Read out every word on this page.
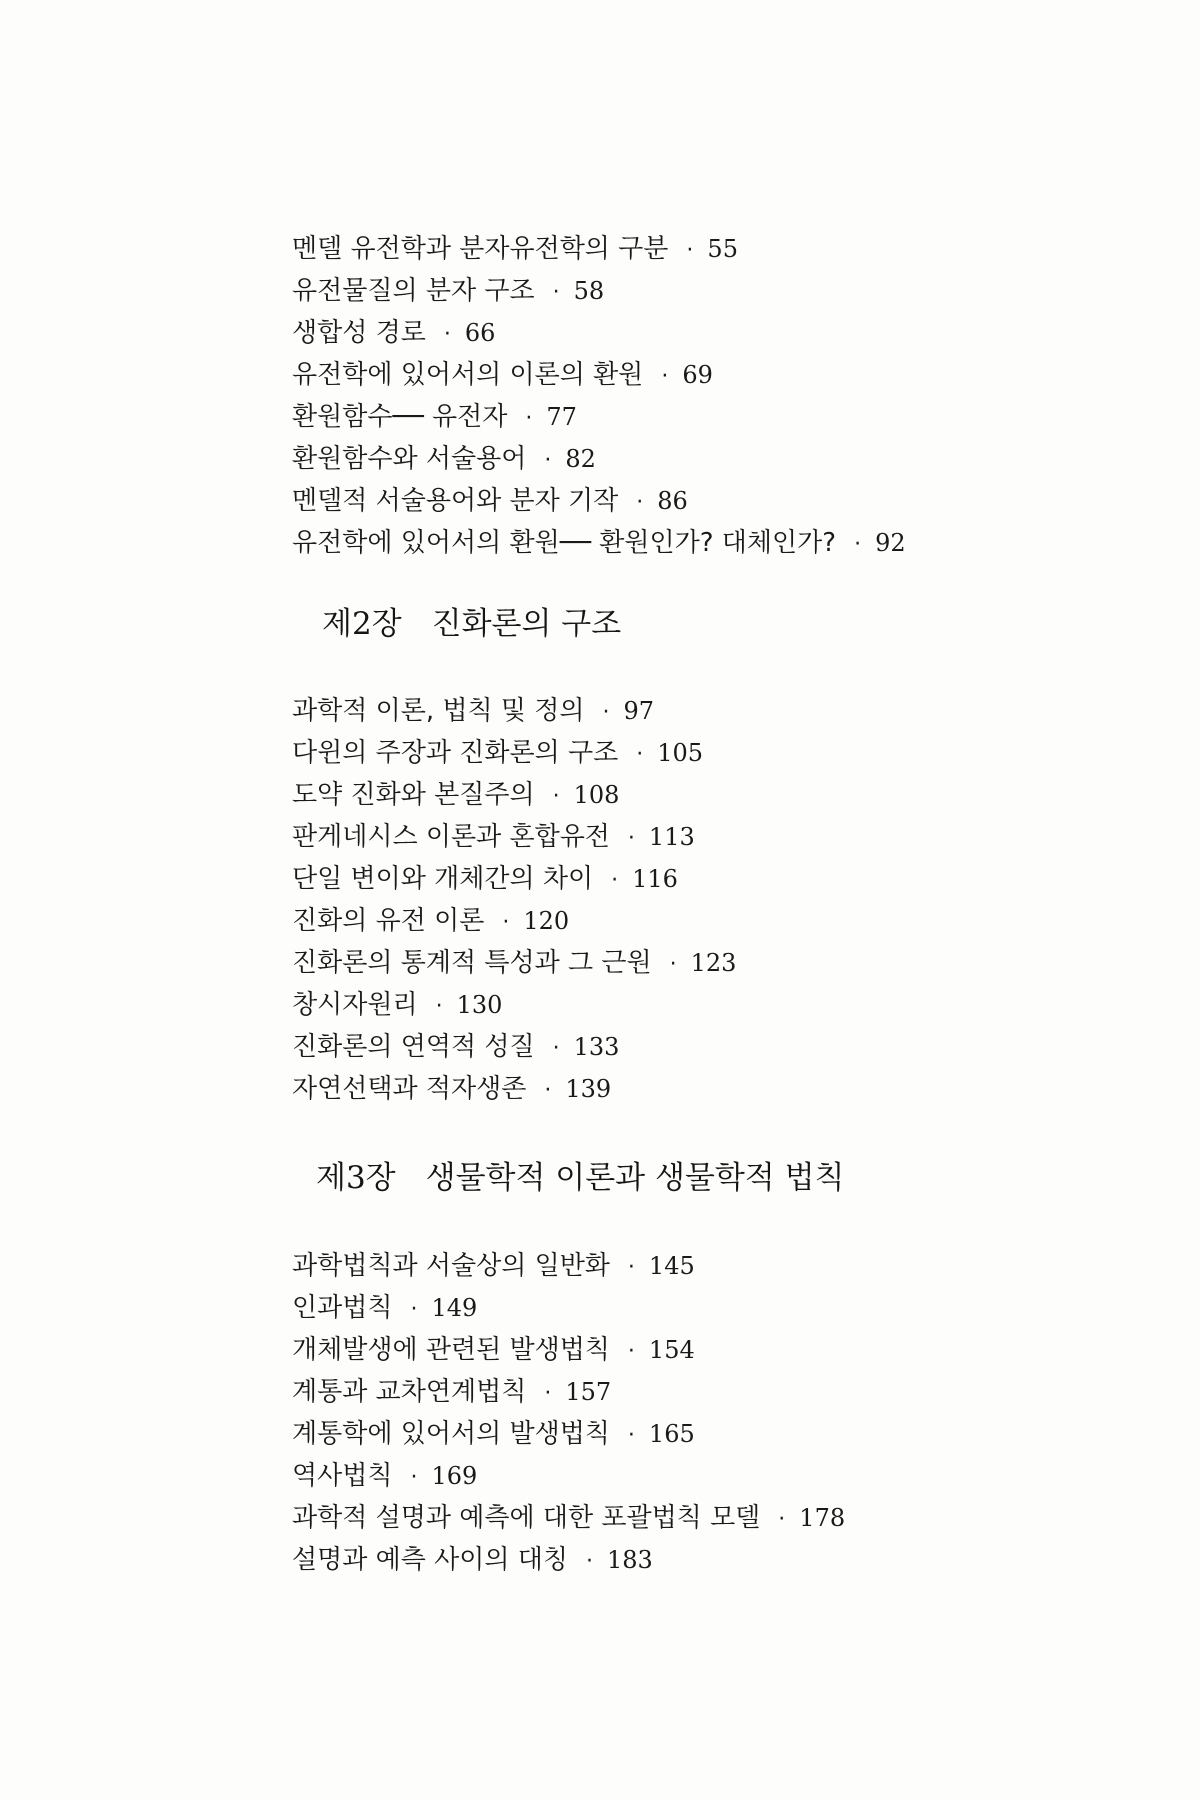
멘델 유전학과 분자유전학의 구분 · 55
유전물질의 분자 구조 · 58
생합성 경로 · 66
유전학에 있어서의 이론의 환원 · 69
환원함수── 유전자 · 77
환원함수와 서술용어 · 82
멘델적 서술용어와 분자 기작 · 86
유전학에 있어서의 환원── 환원인가? 대체인가? · 92
제2장 진화론의 구조
과학적 이론, 법칙 및 정의 · 97
다윈의 주장과 진화론의 구조 · 105
도약 진화와 본질주의 · 108
판게네시스 이론과 혼합유전 · 113
단일 변이와 개체간의 차이 · 116
진화의 유전 이론 · 120
진화론의 통계적 특성과 그 근원 · 123
창시자원리 · 130
진화론의 연역적 성질 · 133
자연선택과 적자생존 · 139
제3장 생물학적 이론과 생물학적 법칙
과학법칙과 서술상의 일반화 · 145
인과법칙 · 149
개체발생에 관련된 발생법칙 · 154
계통과 교차연계법칙 · 157
계통학에 있어서의 발생법칙 · 165
역사법칙 · 169
과학적 설명과 예측에 대한 포괄법칙 모델 · 178
설명과 예측 사이의 대칭 · 183
